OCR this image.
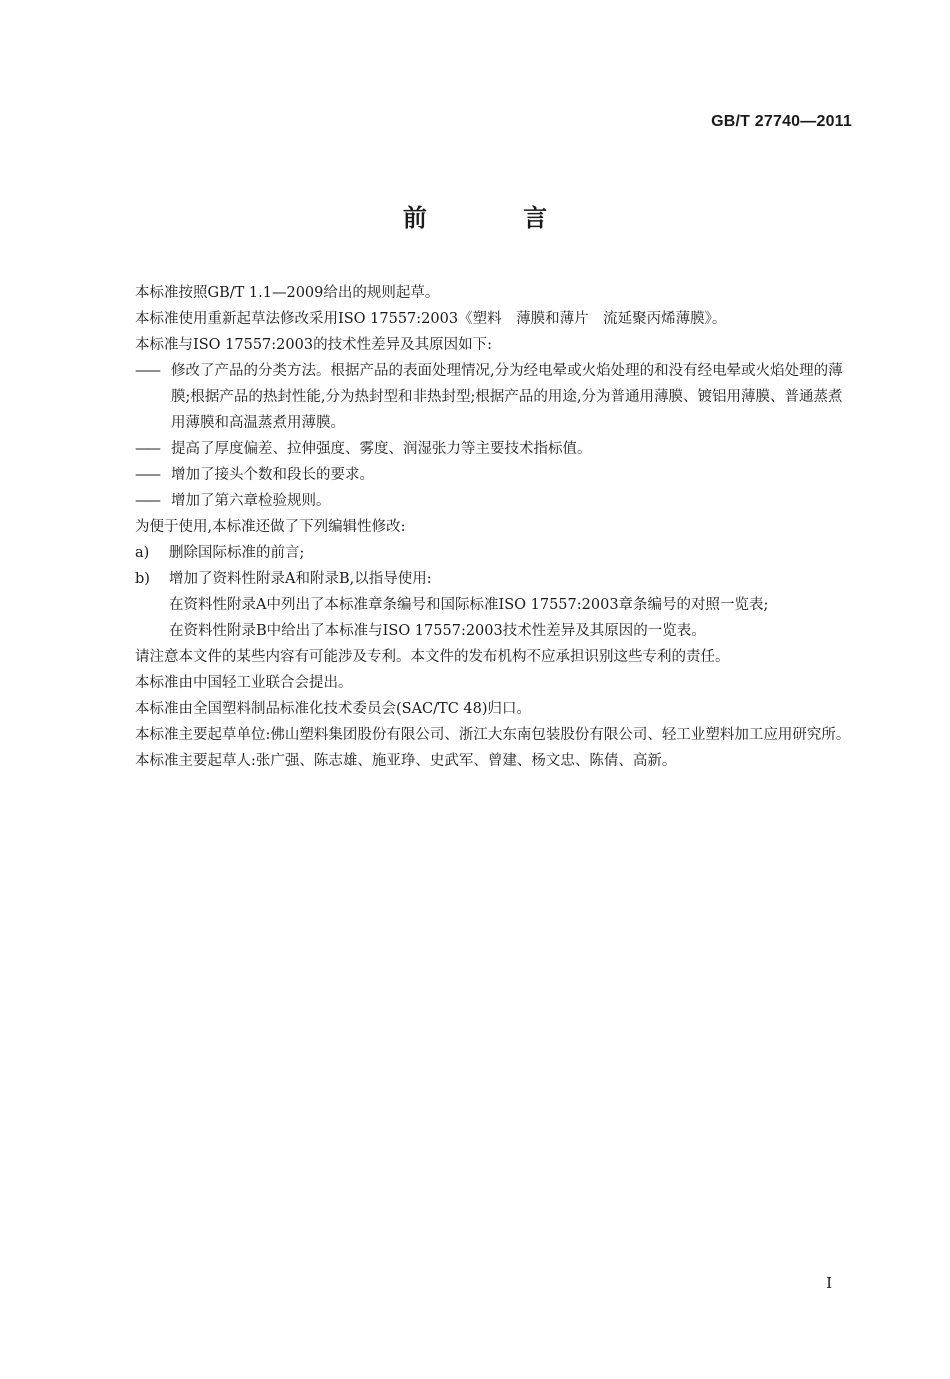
GB/T 27740—2011
前 言

本标准按照GB/T 1.1—2009给出的规则起草。

本标准使用重新起草法修改采用ISO 17557:2003《塑料　薄膜和薄片　流延聚丙烯薄膜》。

本标准与ISO 17557:2003的技术性差异及其原因如下:

—— 修改了产品的分类方法。根据产品的表面处理情况,分为经电晕或火焰处理的和没有经电晕或火焰处理的薄膜;根据产品的热封性能,分为热封型和非热封型;根据产品的用途,分为普通用薄膜、镀铝用薄膜、普通蒸煮用薄膜和高温蒸煮用薄膜。
—— 提高了厚度偏差、拉伸强度、雾度、润湿张力等主要技术指标值。
—— 增加了接头个数和段长的要求。
—— 增加了第六章检验规则。

为便于使用,本标准还做了下列编辑性修改:

a)	删除国际标准的前言;
b)	增加了资料性附录A和附录B,以指导使用:
在资料性附录A中列出了本标准章条编号和国际标准ISO 17557:2003章条编号的对照一览表;
在资料性附录B中给出了本标准与ISO 17557:2003技术性差异及其原因的一览表。

请注意本文件的某些内容有可能涉及专利。本文件的发布机构不应承担识别这些专利的责任。

本标准由中国轻工业联合会提出。

本标准由全国塑料制品标准化技术委员会(SAC/TC 48)归口。

本标准主要起草单位:佛山塑料集团股份有限公司、浙江大东南包装股份有限公司、轻工业塑料加工应用研究所。

本标准主要起草人:张广强、陈志雄、施亚琤、史武军、曾建、杨文忠、陈倩、高新。

I
